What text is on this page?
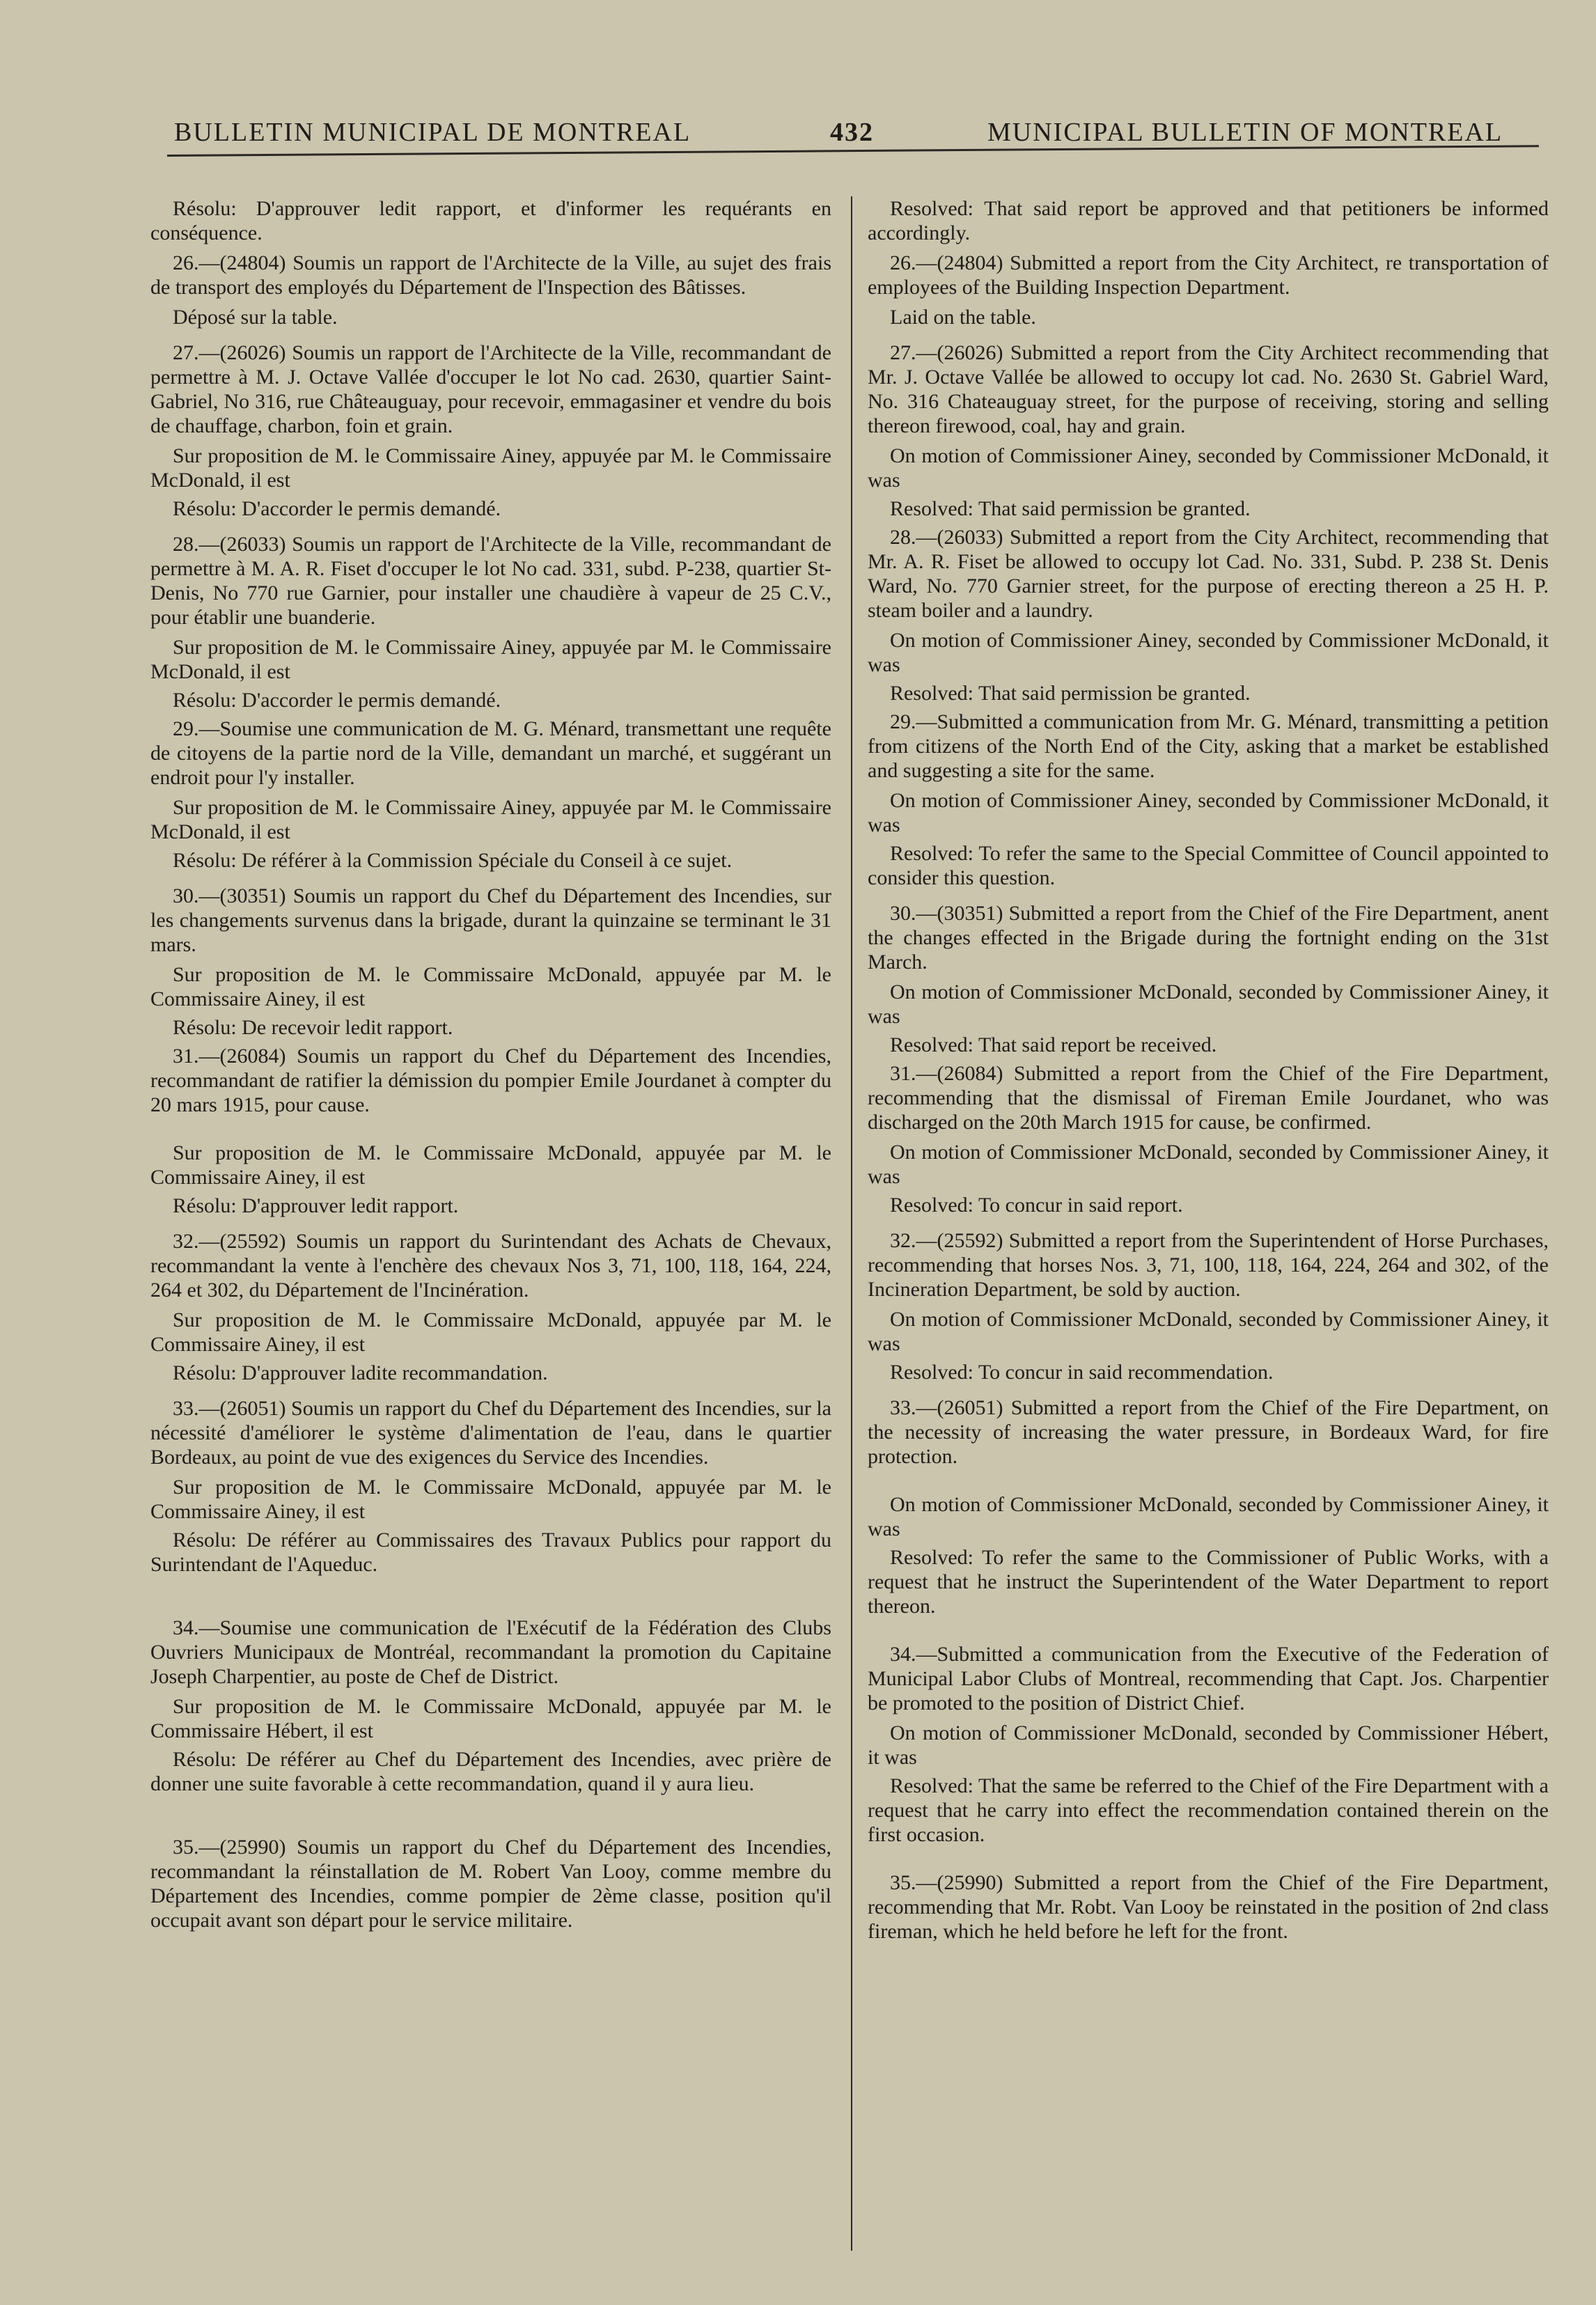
BULLETIN MUNICIPAL DE MONTREAL	432	MUNICIPAL BULLETIN OF MONTREAL

Résolu: D'approuver ledit rapport, et d'informer les requérants en conséquence.

26.—(24804) Soumis un rapport de l'Architecte de la Ville, au sujet des frais de transport des employés du Département de l'Inspection des Bâtisses.

Déposé sur la table.

27.—(26026) Soumis un rapport de l'Architecte de la Ville, recommandant de permettre à M. J. Octave Vallée d'occuper le lot No cad. 2630, quartier Saint-Gabriel, No 316, rue Châteauguay, pour recevoir, emmagasiner et vendre du bois de chauffage, charbon, foin et grain.

Sur proposition de M. le Commissaire Ainey, appuyée par M. le Commissaire McDonald, il est

Résolu: D'accorder le permis demandé.

28.—(26033) Soumis un rapport de l'Architecte de la Ville, recommandant de permettre à M. A. R. Fiset d'occuper le lot No cad. 331, subd. P-238, quartier St-Denis, No 770 rue Garnier, pour installer une chaudière à vapeur de 25 C.V., pour établir une buanderie.

Sur proposition de M. le Commissaire Ainey, appuyée par M. le Commissaire McDonald, il est

Résolu: D'accorder le permis demandé.

29.—Soumise une communication de M. G. Ménard, transmettant une requête de citoyens de la partie nord de la Ville, demandant un marché, et suggérant un endroit pour l'y installer.

Sur proposition de M. le Commissaire Ainey, appuyée par M. le Commissaire McDonald, il est

Résolu: De référer à la Commission Spéciale du Conseil à ce sujet.

30.—(30351) Soumis un rapport du Chef du Département des Incendies, sur les changements survenus dans la brigade, durant la quinzaine se terminant le 31 mars.

Sur proposition de M. le Commissaire McDonald, appuyée par M. le Commissaire Ainey, il est

Résolu: De recevoir ledit rapport.

31.—(26084) Soumis un rapport du Chef du Département des Incendies, recommandant de ratifier la démission du pompier Emile Jourdanet à compter du 20 mars 1915, pour cause.

Sur proposition de M. le Commissaire McDonald, appuyée par M. le Commissaire Ainey, il est

Résolu: D'approuver ledit rapport.

32.—(25592) Soumis un rapport du Surintendant des Achats de Chevaux, recommandant la vente à l'enchère des chevaux Nos 3, 71, 100, 118, 164, 224, 264 et 302, du Département de l'Incinération.

Sur proposition de M. le Commissaire McDonald, appuyée par M. le Commissaire Ainey, il est

Résolu: D'approuver ladite recommandation.

33.—(26051) Soumis un rapport du Chef du Département des Incendies, sur la nécessité d'améliorer le système d'alimentation de l'eau, dans le quartier Bordeaux, au point de vue des exigences du Service des Incendies.

Sur proposition de M. le Commissaire McDonald, appuyée par M. le Commissaire Ainey, il est

Résolu: De référer au Commissaires des Travaux Publics pour rapport du Surintendant de l'Aqueduc.

34.—Soumise une communication de l'Exécutif de la Fédération des Clubs Ouvriers Municipaux de Montréal, recommandant la promotion du Capitaine Joseph Charpentier, au poste de Chef de District.

Sur proposition de M. le Commissaire McDonald, appuyée par M. le Commissaire Hébert, il est

Résolu: De référer au Chef du Département des Incendies, avec prière de donner une suite favorable à cette recommandation, quand il y aura lieu.

35.—(25990) Soumis un rapport du Chef du Département des Incendies, recommandant la réinstallation de M. Robert Van Looy, comme membre du Département des Incendies, comme pompier de 2ème classe, position qu'il occupait avant son départ pour le service militaire.

Resolved: That said report be approved and that petitioners be informed accordingly.

26.—(24804) Submitted a report from the City Architect, re transportation of employees of the Building Inspection Department.

Laid on the table.

27.—(26026) Submitted a report from the City Architect recommending that Mr. J. Octave Vallée be allowed to occupy lot cad. No. 2630 St. Gabriel Ward, No. 316 Chateauguay street, for the purpose of receiving, storing and selling thereon firewood, coal, hay and grain.

On motion of Commissioner Ainey, seconded by Commissioner McDonald, it was

Resolved: That said permission be granted.

28.—(26033) Submitted a report from the City Architect, recommending that Mr. A. R. Fiset be allowed to occupy lot Cad. No. 331, Subd. P. 238 St. Denis Ward, No. 770 Garnier street, for the purpose of erecting thereon a 25 H. P. steam boiler and a laundry.

On motion of Commissioner Ainey, seconded by Commissioner McDonald, it was

Resolved: That said permission be granted.

29.—Submitted a communication from Mr. G. Ménard, transmitting a petition from citizens of the North End of the City, asking that a market be established and suggesting a site for the same.

On motion of Commissioner Ainey, seconded by Commissioner McDonald, it was

Resolved: To refer the same to the Special Committee of Council appointed to consider this question.

30.—(30351) Submitted a report from the Chief of the Fire Department, anent the changes effected in the Brigade during the fortnight ending on the 31st March.

On motion of Commissioner McDonald, seconded by Commissioner Ainey, it was

Resolved: That said report be received.

31.—(26084) Submitted a report from the Chief of the Fire Department, recommending that the dismissal of Fireman Emile Jourdanet, who was discharged on the 20th March 1915 for cause, be confirmed.

On motion of Commissioner McDonald, seconded by Commissioner Ainey, it was

Resolved: To concur in said report.

32.—(25592) Submitted a report from the Superintendent of Horse Purchases, recommending that horses Nos. 3, 71, 100, 118, 164, 224, 264 and 302, of the Incineration Department, be sold by auction.

On motion of Commissioner McDonald, seconded by Commissioner Ainey, it was

Resolved: To concur in said recommendation.

33.—(26051) Submitted a report from the Chief of the Fire Department, on the necessity of increasing the water pressure, in Bordeaux Ward, for fire protection.

On motion of Commissioner McDonald, seconded by Commissioner Ainey, it was

Resolved: To refer the same to the Commissioner of Public Works, with a request that he instruct the Superintendent of the Water Department to report thereon.

34.—Submitted a communication from the Executive of the Federation of Municipal Labor Clubs of Montreal, recommending that Capt. Jos. Charpentier be promoted to the position of District Chief.

On motion of Commissioner McDonald, seconded by Commissioner Hébert, it was

Resolved: That the same be referred to the Chief of the Fire Department with a request that he carry into effect the recommendation contained therein on the first occasion.

35.—(25990) Submitted a report from the Chief of the Fire Department, recommending that Mr. Robt. Van Looy be reinstated in the position of 2nd class fireman, which he held before he left for the front.
